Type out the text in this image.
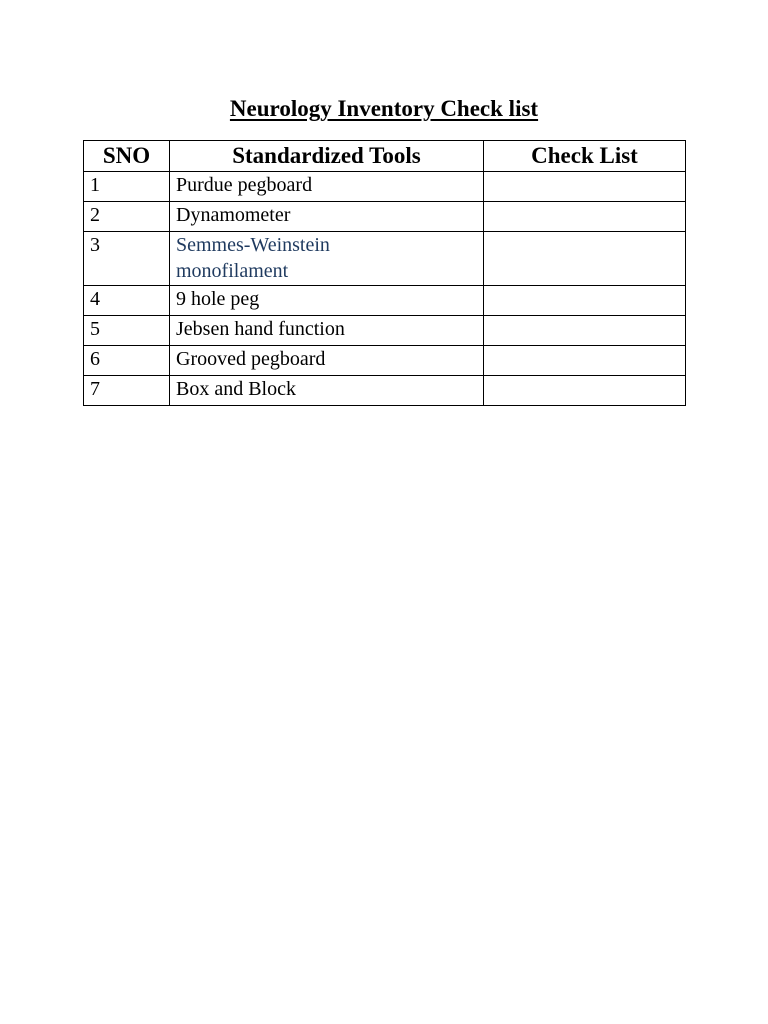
Neurology Inventory Check list
SNO	Standardized Tools	Check List
1	Purdue pegboard	
2	Dynamometer	
3	Semmes-Weinstein monofilament	
4	9 hole peg	
5	Jebsen hand function	
6	Grooved pegboard	
7	Box and Block	
